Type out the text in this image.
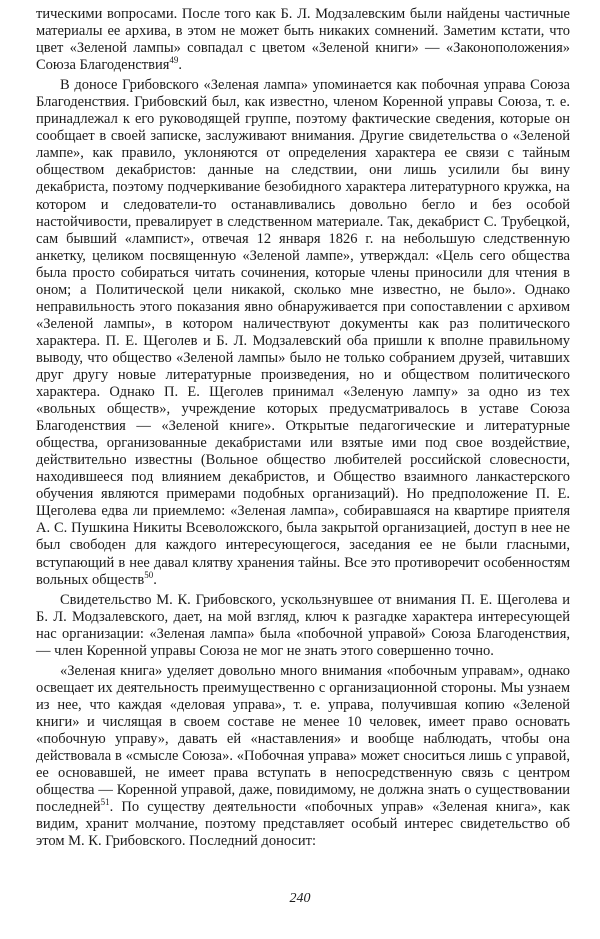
тическими вопросами. После того как Б. Л. Модзалевским были найдены частичные материалы ее архива, в этом не может быть никаких сомнений. Заметим кстати, что цвет «Зеленой лампы» совпадал с цветом «Зеленой книги» — «Законоположения» Союза Благоденствия$^{49}$.

В доносе Грибовского «Зеленая лампа» упоминается как побочная управа Союза Благоденствия. Грибовский был, как известно, членом Коренной управы Союза, т. е. принадлежал к его руководящей группе, поэтому фактические сведения, которые он сообщает в своей записке, заслуживают внимания. Другие свидетельства о «Зеленой лампе», как правило, уклоняются от определения характера ее связи с тайным обществом декабристов: данные на следствии, они лишь усилили бы вину декабриста, поэтому подчеркивание безобидного характера литературного кружка, на котором и следователи-то останавливались довольно бегло и без особой настойчивости, превалирует в следственном материале. Так, декабрист С. Трубецкой, сам бывший «лампист», отвечая 12 января 1826 г. на небольшую следственную анкетку, целиком посвященную «Зеленой лампе», утверждал: «Цель сего общества была просто собираться читать сочинения, которые члены приносили для чтения в оном; а Политической цели никакой, сколько мне известно, не было». Однако неправильность этого показания явно обнаруживается при сопоставлении с архивом «Зеленой лампы», в котором наличествуют документы как раз политического характера. П. Е. Щеголев и Б. Л. Модзалевский оба пришли к вполне правильному выводу, что общество «Зеленой лампы» было не только собранием друзей, читавших друг другу новые литературные произведения, но и обществом политического характера. Однако П. Е. Щеголев принимал «Зеленую лампу» за одно из тех «вольных обществ», учреждение которых предусматривалось в уставе Союза Благоденствия — «Зеленой книге». Открытые педагогические и литературные общества, организованные декабристами или взятые ими под свое воздействие, действительно известны (Вольное общество любителей российской словесности, находившееся под влиянием декабристов, и Общество взаимного ланкастерского обучения являются примерами подобных организаций). Но предположение П. Е. Щеголева едва ли приемлемо: «Зеленая лампа», собиравшаяся на квартире приятеля А. С. Пушкина Никиты Всеволожского, была закрытой организацией, доступ в нее не был свободен для каждого интересующегося, заседания ее не были гласными, вступающий в нее давал клятву хранения тайны. Все это противоречит особенностям вольных обществ$^{50}$.

Свидетельство М. К. Грибовского, ускользнувшее от внимания П. Е. Щеголева и Б. Л. Модзалевского, дает, на мой взгляд, ключ к разгадке характера интересующей нас организации: «Зеленая лампа» была «побочной управой» Союза Благоденствия,— член Коренной управы Союза не мог не знать этого совершенно точно.

«Зеленая книга» уделяет довольно много внимания «побочным управам», однако освещает их деятельность преимущественно с организационной стороны. Мы узнаем из нее, что каждая «деловая управа», т. е. управа, получившая копию «Зеленой книги» и числящая в своем составе не менее 10 человек, имеет право основать «побочную управу», давать ей «наставления» и вообще наблюдать, чтобы она действовала в «смысле Союза». «Побочная управа» может сноситься лишь с управой, ее основавшей, не имеет права вступать в непосредственную связь с центром общества — Коренной управой, даже, повидимому, не должна знать о существовании последней$^{51}$. По существу деятельности «побочных управ» «Зеленая книга», как видим, хранит молчание, поэтому представляет особый интерес свидетельство об этом М. К. Грибовского. Последний доносит:

240
